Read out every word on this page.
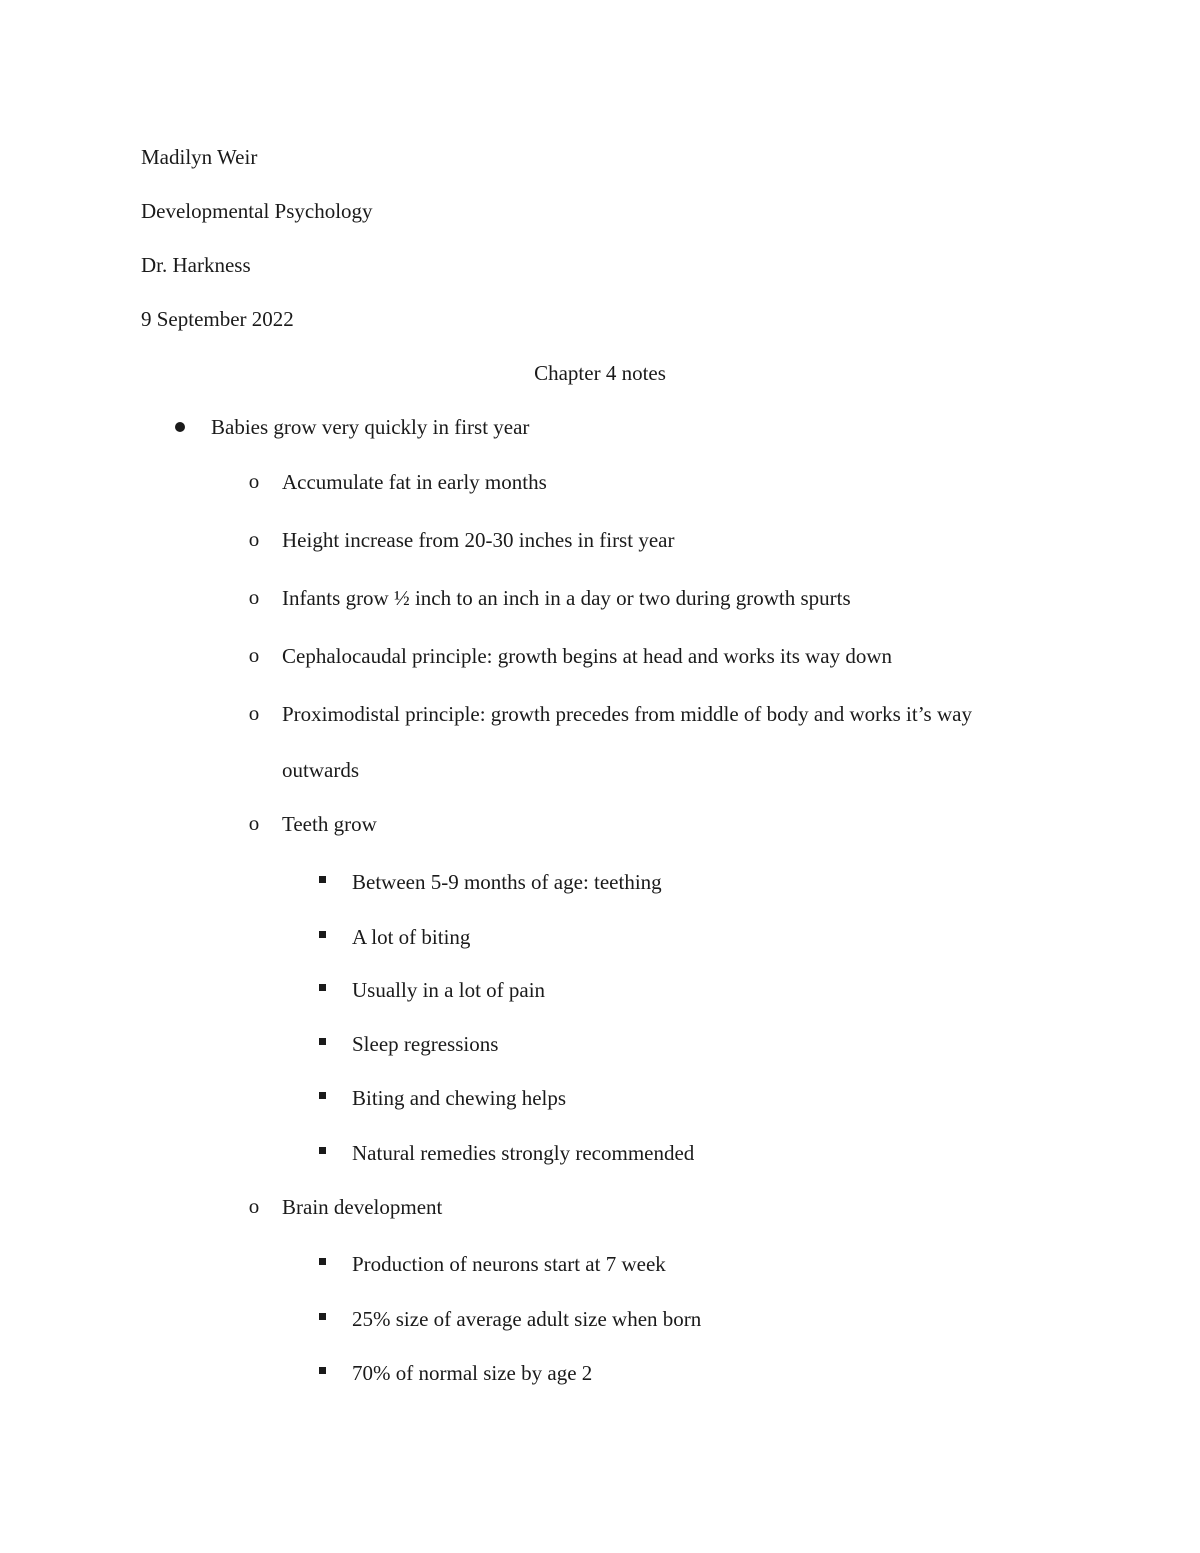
Madilyn Weir
Developmental Psychology
Dr. Harkness
9 September 2022
Chapter 4 notes
Babies grow very quickly in first year
o Accumulate fat in early months
o Height increase from 20-30 inches in first year
o Infants grow ½ inch to an inch in a day or two during growth spurts
o Cephalocaudal principle: growth begins at head and works its way down
o Proximodistal principle: growth precedes from middle of body and works it’s way
outwards
o Teeth grow
Between 5-9 months of age: teething
A lot of biting
Usually in a lot of pain
Sleep regressions
Biting and chewing helps
Natural remedies strongly recommended
o Brain development
Production of neurons start at 7 week
25% size of average adult size when born
70% of normal size by age 2
